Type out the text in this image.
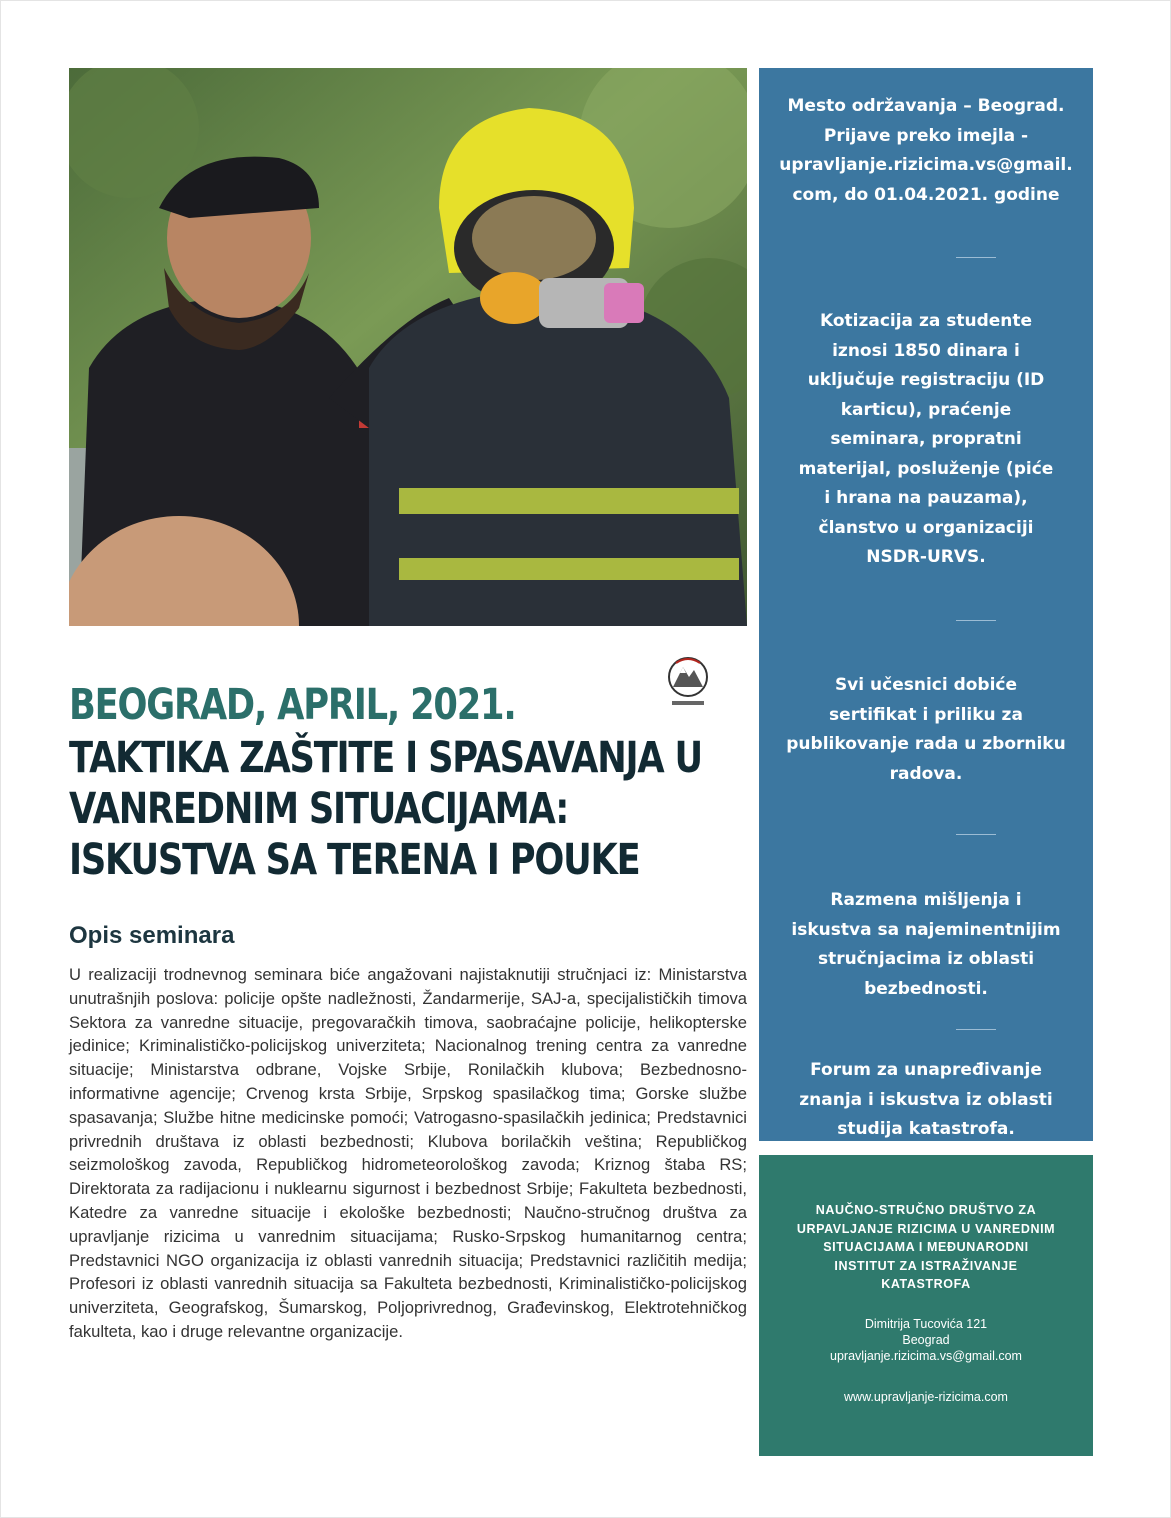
BEOGRAD, APRIL, 2021.
TAKTIKA ZAŠTITE I SPASAVANJA U
VANREDNIM SITUACIJAMA:
ISKUSTVA SA TERENA I POUKE
Opis seminara
U realizaciji trodnevnog seminara biće angažovani najistaknutiji stručnjaci iz: Ministarstva unutrašnjih poslova: policije opšte nadležnosti, Žandarmerije, SAJ-a, specijalističkih timova Sektora za vanredne situacije, pregovaračkih timova, saobraćajne policije, helikopterske jedinice; Kriminalističko-policijskog univerziteta; Nacionalnog trening centra za vanredne situacije; Ministarstva odbrane, Vojske Srbije, Ronilačkih klubova; Bezbednosno-informativne agencije; Crvenog krsta Srbije, Srpskog spasilačkog tima; Gorske službe spasavanja; Službe hitne medicinske pomoći; Vatrogasno-spasilačkih jedinica; Predstavnici privrednih društava iz oblasti bezbednosti; Klubova borilačkih veština; Republičkog seizmološkog zavoda, Republičkog hidrometeorološkog zavoda; Kriznog štaba RS; Direktorata za radijacionu i nuklearnu sigurnost i bezbednost Srbije; Fakulteta bezbednosti, Katedre za vanredne situacije i ekološke bezbednosti; Naučno-stručnog društva za upravljanje rizicima u vanrednim situacijama; Rusko-Srpskog humanitarnog centra; Predstavnici NGO organizacija iz oblasti vanrednih situacija; Predstavnici različitih medija; Profesori iz oblasti vanrednih situacija sa Fakulteta bezbednosti, Kriminalističko-policijskog univerziteta, Geografskog, Šumarskog, Poljoprivrednog, Građevinskog, Elektrotehničkog fakulteta, kao i druge relevantne organizacije.
Mesto održavanja – Beograd.
Prijave preko imejla -
upravljanje.rizicima.vs@gmail.
com, do 01.04.2021. godine
Kotizacija za studente
iznosi 1850 dinara i
uključuje registraciju (ID
karticu), praćenje
seminara, propratni
materijal, posluženje (piće
i hrana na pauzama),
članstvo u organizaciji
NSDR-URVS.
Svi učesnici dobiće
sertifikat i priliku za
publikovanje rada u zborniku
radova.
Razmena mišljenja i
iskustva sa najeminentnijim
stručnjacima iz oblasti
bezbednosti.
Forum za unapređivanje
znanja i iskustva iz oblasti
studija katastrofa.
NAUČNO-STRUČNO DRUŠTVO ZA
URPAVLJANJE RIZICIMA U VANREDNIM
SITUACIJAMA I MEĐUNARODNI
INSTITUT ZA ISTRAŽIVANJE
KATASTROFA
Dimitrija Tucovića 121
Beograd
upravljanje.rizicima.vs@gmail.com
www.upravljanje-rizicima.com
